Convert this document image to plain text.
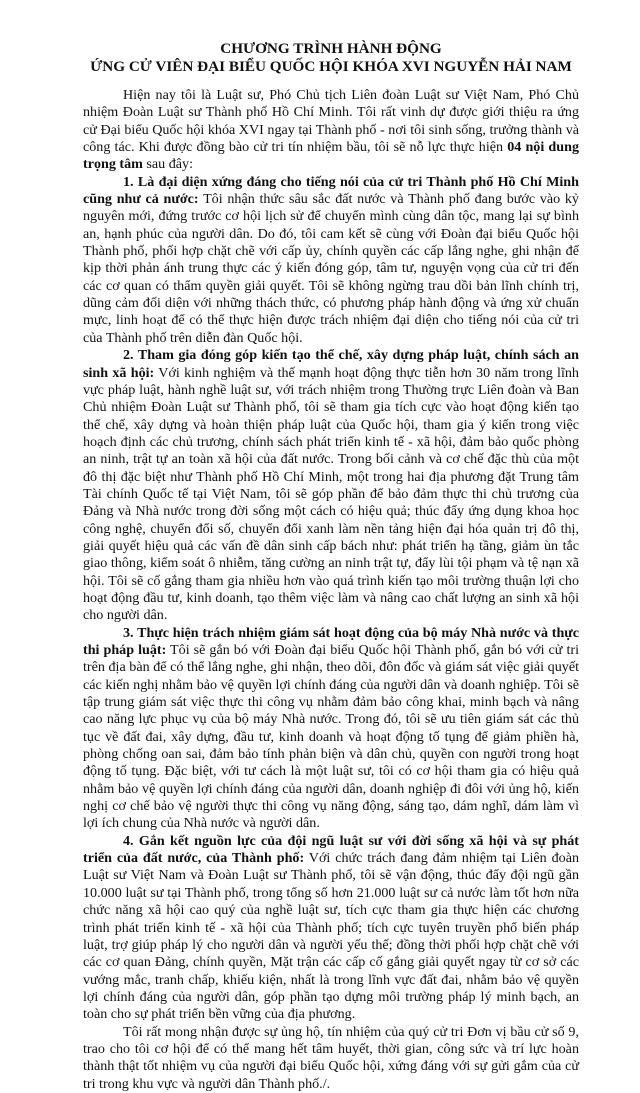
CHƯƠNG TRÌNH HÀNH ĐỘNG
ỨNG CỬ VIÊN ĐẠI BIỂU QUỐC HỘI KHÓA XVI NGUYỄN HẢI NAM

Hiện nay tôi là Luật sư, Phó Chủ tịch Liên đoàn Luật sư Việt Nam, Phó Chủ nhiệm Đoàn Luật sư Thành phố Hồ Chí Minh. Tôi rất vinh dự được giới thiệu ra ứng cử Đại biểu Quốc hội khóa XVI ngay tại Thành phố - nơi tôi sinh sống, trưởng thành và công tác. Khi được đồng bào cử tri tín nhiệm bầu, tôi sẽ nỗ lực thực hiện 04 nội dung trọng tâm sau đây:

1. Là đại diện xứng đáng cho tiếng nói của cử tri Thành phố Hồ Chí Minh cũng như cả nước: Tôi nhận thức sâu sắc đất nước và Thành phố đang bước vào kỷ nguyên mới, đứng trước cơ hội lịch sử để chuyển mình cùng dân tộc, mang lại sự bình an, hạnh phúc của người dân. Do đó, tôi cam kết sẽ cùng với Đoàn đại biểu Quốc hội Thành phố, phối hợp chặt chẽ với cấp ủy, chính quyền các cấp lắng nghe, ghi nhận để kịp thời phản ánh trung thực các ý kiến đóng góp, tâm tư, nguyện vọng của cử tri đến các cơ quan có thẩm quyền giải quyết. Tôi sẽ không ngừng trau dồi bản lĩnh chính trị, dũng cảm đối diện với những thách thức, có phương pháp hành động và ứng xử chuẩn mực, linh hoạt để có thể thực hiện được trách nhiệm đại diện cho tiếng nói của cử tri của Thành phố trên diễn đàn Quốc hội.

2. Tham gia đóng góp kiến tạo thể chế, xây dựng pháp luật, chính sách an sinh xã hội: Với kinh nghiệm và thế mạnh hoạt động thực tiễn hơn 30 năm trong lĩnh vực pháp luật, hành nghề luật sư, với trách nhiệm trong Thường trực Liên đoàn và Ban Chủ nhiệm Đoàn Luật sư Thành phố, tôi sẽ tham gia tích cực vào hoạt động kiến tạo thể chế, xây dựng và hoàn thiện pháp luật của Quốc hội, tham gia ý kiến trong việc hoạch định các chủ trương, chính sách phát triển kinh tế - xã hội, đảm bảo quốc phòng an ninh, trật tự an toàn xã hội của đất nước. Trong bối cảnh và cơ chế đặc thù của một đô thị đặc biệt như Thành phố Hồ Chí Minh, một trong hai địa phương đặt Trung tâm Tài chính Quốc tế tại Việt Nam, tôi sẽ góp phần để bảo đảm thực thi chủ trương của Đảng và Nhà nước trong đời sống một cách có hiệu quả; thúc đẩy ứng dụng khoa học công nghệ, chuyển đổi số, chuyển đổi xanh làm nền tảng hiện đại hóa quản trị đô thị, giải quyết hiệu quả các vấn đề dân sinh cấp bách như: phát triển hạ tầng, giảm ùn tắc giao thông, kiểm soát ô nhiễm, tăng cường an ninh trật tự, đẩy lùi tội phạm và tệ nạn xã hội. Tôi sẽ cố gắng tham gia nhiều hơn vào quá trình kiến tạo môi trường thuận lợi cho hoạt động đầu tư, kinh doanh, tạo thêm việc làm và nâng cao chất lượng an sinh xã hội cho người dân.

3. Thực hiện trách nhiệm giám sát hoạt động của bộ máy Nhà nước và thực thi pháp luật: Tôi sẽ gắn bó với Đoàn đại biểu Quốc hội Thành phố, gắn bó với cử tri trên địa bàn để có thể lắng nghe, ghi nhận, theo dõi, đôn đốc và giám sát việc giải quyết các kiến nghị nhằm bảo vệ quyền lợi chính đáng của người dân và doanh nghiệp. Tôi sẽ tập trung giám sát việc thực thi công vụ nhằm đảm bảo công khai, minh bạch và nâng cao năng lực phục vụ của bộ máy Nhà nước. Trong đó, tôi sẽ ưu tiên giám sát các thủ tục về đất đai, xây dựng, đầu tư, kinh doanh và hoạt động tố tụng để giảm phiền hà, phòng chống oan sai, đảm bảo tính phản biện và dân chủ, quyền con người trong hoạt động tố tụng. Đặc biệt, với tư cách là một luật sư, tôi có cơ hội tham gia có hiệu quả nhằm bảo vệ quyền lợi chính đáng của người dân, doanh nghiệp đi đôi với ủng hộ, kiến nghị cơ chế bảo vệ người thực thi công vụ năng động, sáng tạo, dám nghĩ, dám làm vì lợi ích chung của Nhà nước và người dân.

4. Gắn kết nguồn lực của đội ngũ luật sư với đời sống xã hội và sự phát triển của đất nước, của Thành phố: Với chức trách đang đảm nhiệm tại Liên đoàn Luật sư Việt Nam và Đoàn Luật sư Thành phố, tôi sẽ vận động, thúc đẩy đội ngũ gần 10.000 luật sư tại Thành phố, trong tổng số hơn 21.000 luật sư cả nước làm tốt hơn nữa chức năng xã hội cao quý của nghề luật sư, tích cực tham gia thực hiện các chương trình phát triển kinh tế - xã hội của Thành phố; tích cực tuyên truyền phổ biến pháp luật, trợ giúp pháp lý cho người dân và người yếu thế; đồng thời phối hợp chặt chẽ với các cơ quan Đảng, chính quyền, Mặt trận các cấp cố gắng giải quyết ngay từ cơ sở các vướng mắc, tranh chấp, khiếu kiện, nhất là trong lĩnh vực đất đai, nhằm bảo vệ quyền lợi chính đáng của người dân, góp phần tạo dựng môi trường pháp lý minh bạch, an toàn cho sự phát triển bền vững của địa phương.

Tôi rất mong nhận được sự ủng hộ, tín nhiệm của quý cử tri Đơn vị bầu cử số 9, trao cho tôi cơ hội để có thể mang hết tâm huyết, thời gian, công sức và trí lực hoàn thành thật tốt nhiệm vụ của người đại biểu Quốc hội, xứng đáng với sự gửi gắm của cử tri trong khu vực và người dân Thành phố./.
